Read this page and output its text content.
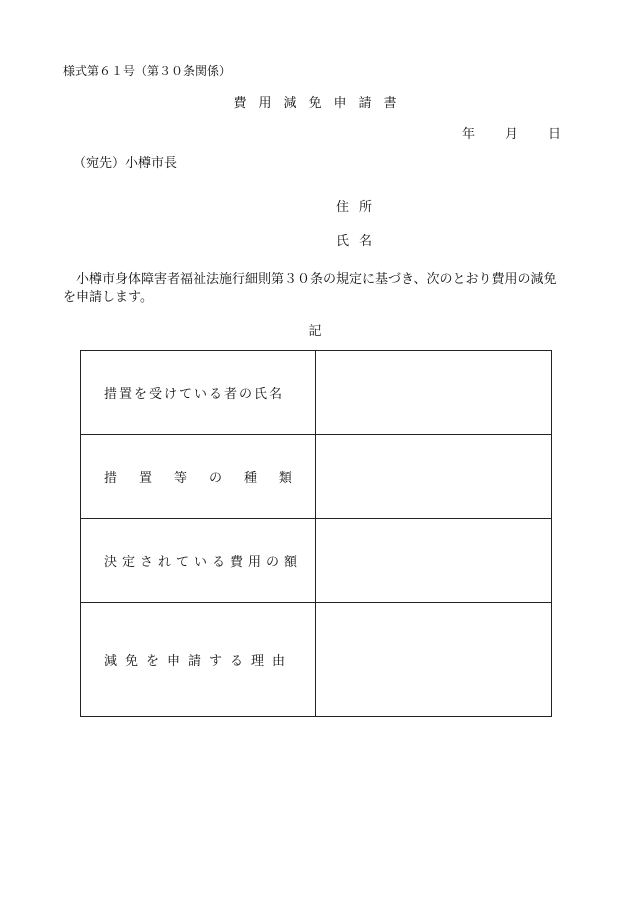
様式第６１号（第３０条関係）

費用減免申請書

年 月 日

（宛先）小樽市長

住所

氏名

小樽市身体障害者福祉法施行細則第３０条の規定に基づき、次のとおり費用の減免を申請します。

記

措置を受けている者の氏名
措 置 等 の 種 類
決定されている費用の額
減免を申請する理由
